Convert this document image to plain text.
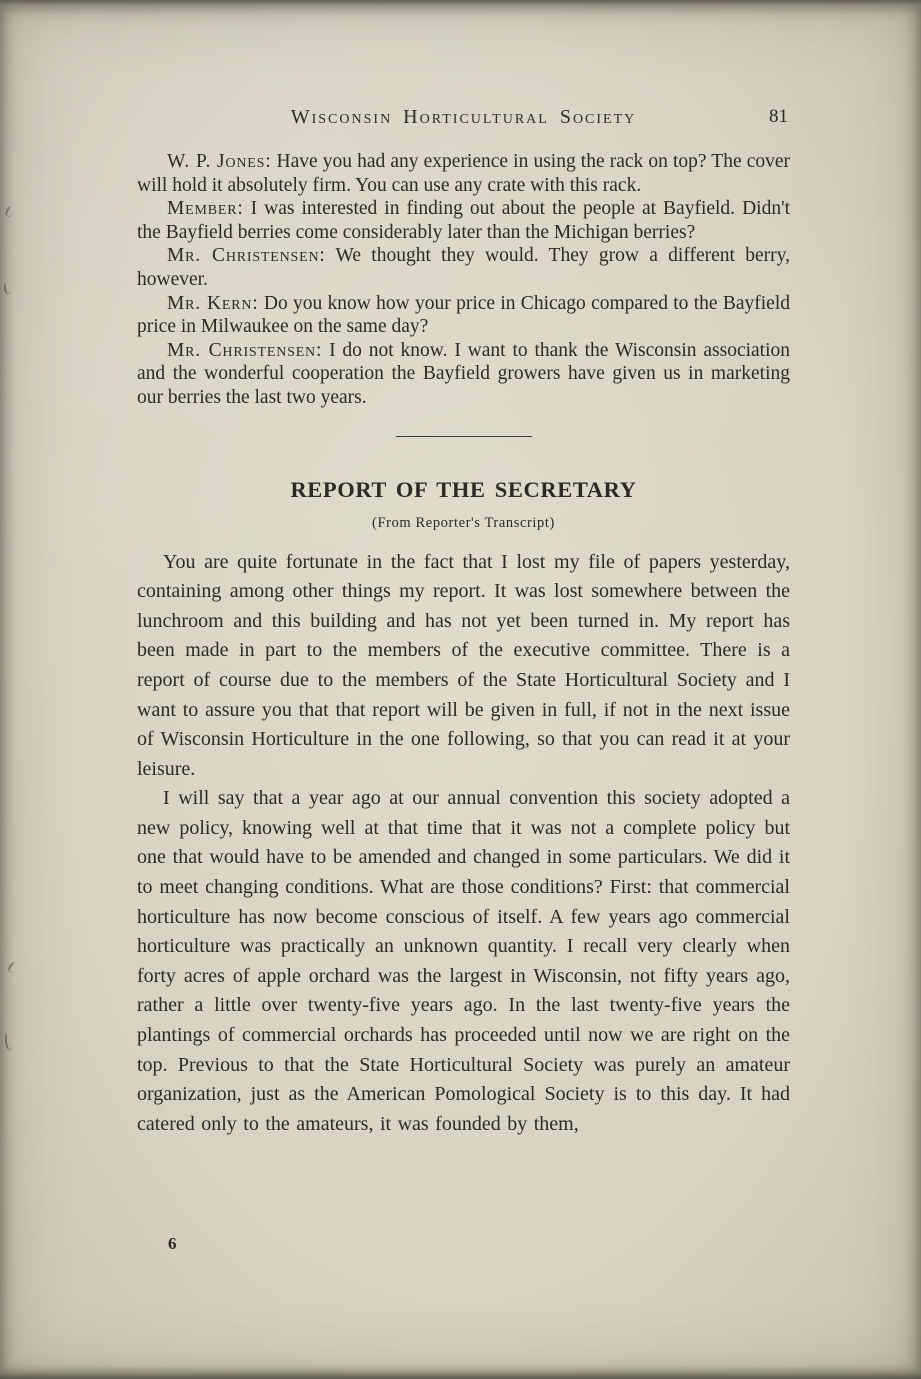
Wisconsin Horticultural Society	81

W. P. Jones: Have you had any experience in using the rack on top? The cover will hold it absolutely firm. You can use any crate with this rack.

Member: I was interested in finding out about the people at Bayfield. Didn't the Bayfield berries come considerably later than the Michigan berries?

Mr. Christensen: We thought they would. They grow a different berry, however.

Mr. Kern: Do you know how your price in Chicago compared to the Bayfield price in Milwaukee on the same day?

Mr. Christensen: I do not know. I want to thank the Wisconsin association and the wonderful cooperation the Bayfield growers have given us in marketing our berries the last two years.

REPORT OF THE SECRETARY
(From Reporter's Transcript)

You are quite fortunate in the fact that I lost my file of papers yesterday, containing among other things my report. It was lost somewhere between the lunchroom and this building and has not yet been turned in. My report has been made in part to the members of the executive committee. There is a report of course due to the members of the State Horticultural Society and I want to assure you that that report will be given in full, if not in the next issue of Wisconsin Horticulture in the one following, so that you can read it at your leisure.

I will say that a year ago at our annual convention this society adopted a new policy, knowing well at that time that it was not a complete policy but one that would have to be amended and changed in some particulars. We did it to meet changing conditions. What are those conditions? First: that commercial horticulture has now become conscious of itself. A few years ago commercial horticulture was practically an unknown quantity. I recall very clearly when forty acres of apple orchard was the largest in Wisconsin, not fifty years ago, rather a little over twenty-five years ago. In the last twenty-five years the plantings of commercial orchards has proceeded until now we are right on the top. Previous to that the State Horticultural Society was purely an amateur organization, just as the American Pomological Society is to this day. It had catered only to the amateurs, it was founded by them,

6
